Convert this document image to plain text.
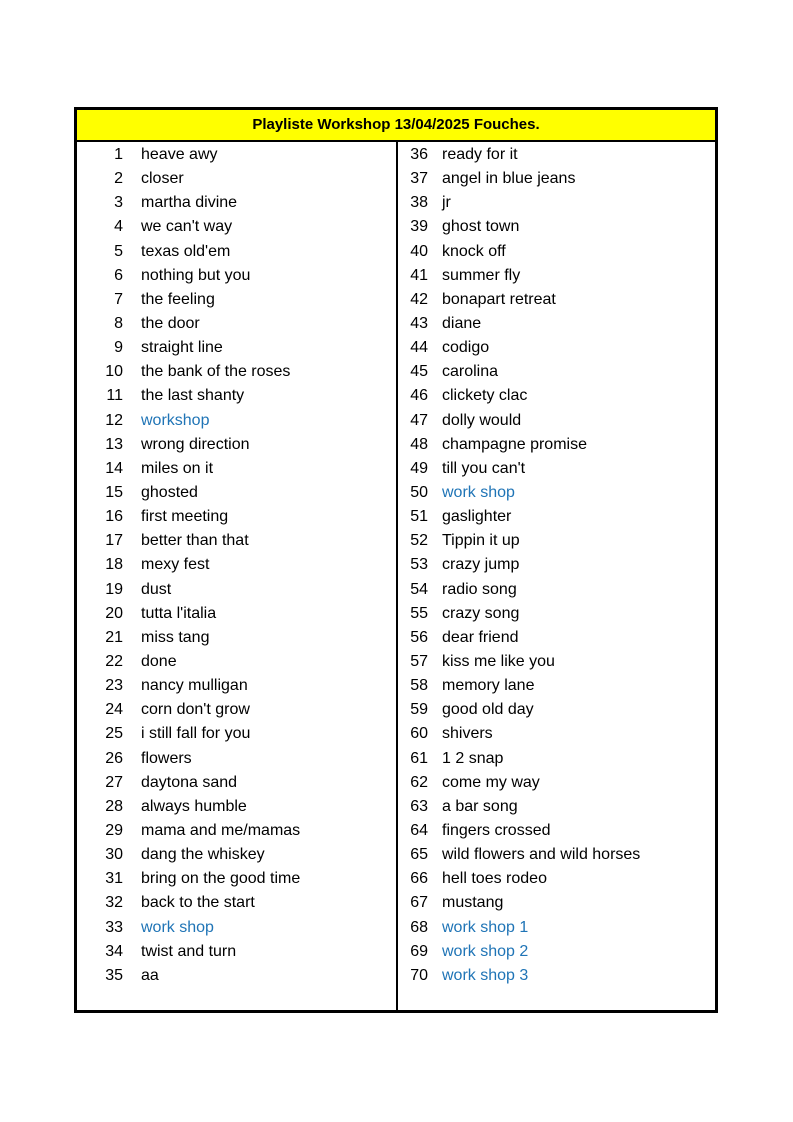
Playliste Workshop 13/04/2025 Fouches.
1 heave awy
2 closer
3 martha divine
4 we can't way
5 texas old'em
6 nothing but you
7 the feeling
8 the door
9 straight line
10 the bank of the roses
11 the last shanty
12 workshop
13 wrong direction
14 miles on it
15 ghosted
16 first meeting
17 better than that
18 mexy fest
19 dust
20 tutta l'italia
21 miss tang
22 done
23 nancy mulligan
24 corn don't grow
25 i still fall for you
26 flowers
27 daytona sand
28 always humble
29 mama and me/mamas
30 dang the whiskey
31 bring on the good time
32 back to the start
33 work shop
34 twist and turn
35 aa
36 ready for it
37 angel in blue jeans
38 jr
39 ghost town
40 knock off
41 summer fly
42 bonapart retreat
43 diane
44 codigo
45 carolina
46 clickety clac
47 dolly would
48 champagne promise
49 till you can't
50 work shop
51 gaslighter
52 Tippin it up
53 crazy jump
54 radio song
55 crazy song
56 dear friend
57 kiss me like you
58 memory lane
59 good old day
60 shivers
61 1 2 snap
62 come my way
63 a bar song
64 fingers crossed
65 wild flowers and wild horses
66 hell toes rodeo
67 mustang
68 work shop 1
69 work shop 2
70 work shop 3
